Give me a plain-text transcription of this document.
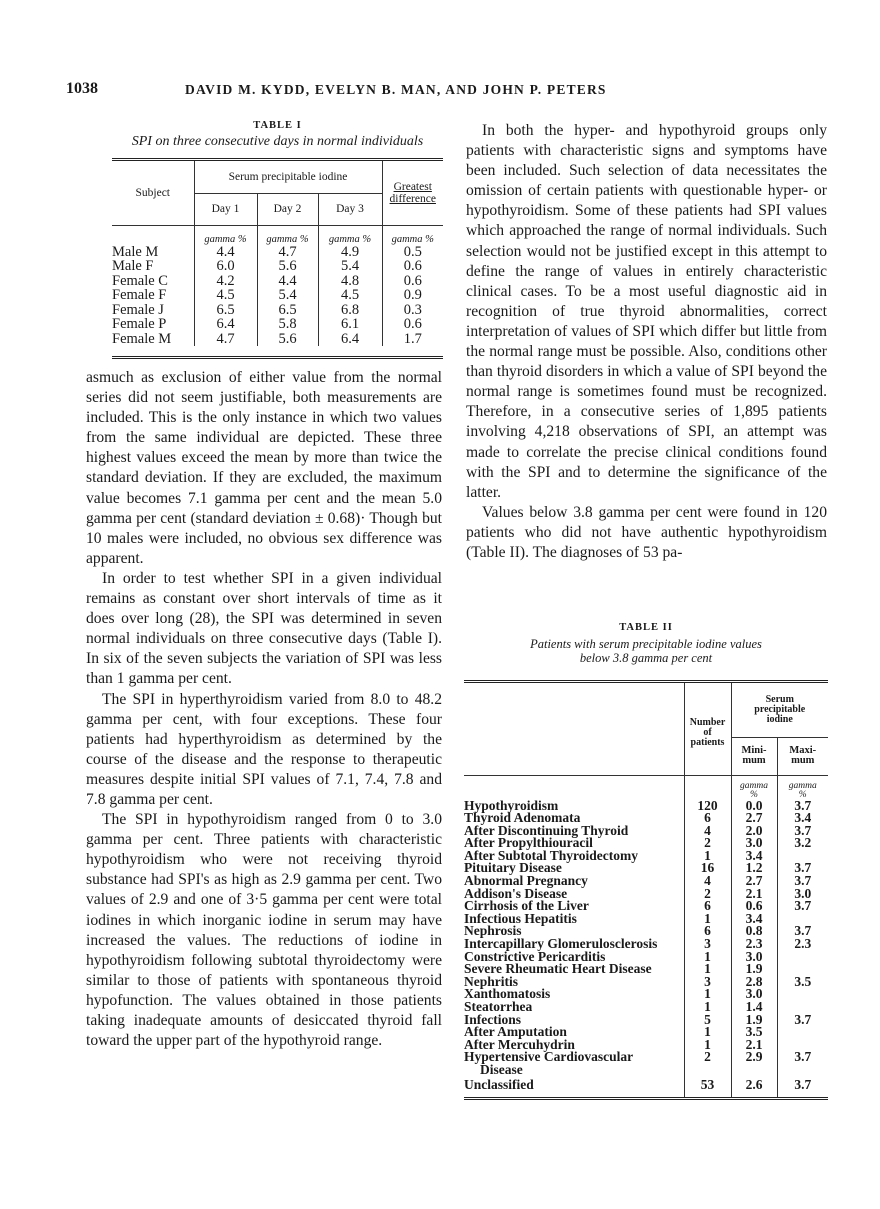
1038	DAVID M. KYDD, EVELYN B. MAN, AND JOHN P. PETERS
TABLE I
SPI on three consecutive days in normal individuals
Subject	Serum precipitable iodine			Greatest difference
	Day 1	Day 2	Day 3	
	gamma %	gamma %	gamma %	gamma %
Male M	4.4	4.7	4.9	0.5
Male F	6.0	5.6	5.4	0.6
Female C	4.2	4.4	4.8	0.6
Female F	4.5	5.4	4.5	0.9
Female J	6.5	6.5	6.8	0.3
Female P	6.4	5.8	6.1	0.6
Female M	4.7	5.6	6.4	1.7

asmuch as exclusion of either value from the normal series did not seem justifiable, both measurements are included. This is the only instance in which two values from the same individual are depicted. These three highest values exceed the mean by more than twice the standard deviation. If they are excluded, the maximum value becomes 7.1 gamma per cent and the mean 5.0 gamma per cent (standard deviation ± 0.68)· Though but 10 males were included, no obvious sex difference was apparent.

In order to test whether SPI in a given individual remains as constant over short intervals of time as it does over long (28), the SPI was determined in seven normal individuals on three consecutive days (Table I). In six of the seven subjects the variation of SPI was less than 1 gamma per cent.

The SPI in hyperthyroidism varied from 8.0 to 48.2 gamma per cent, with four exceptions. These four patients had hyperthyroidism as determined by the course of the disease and the response to therapeutic measures despite initial SPI values of 7.1, 7.4, 7.8 and 7.8 gamma per cent.

The SPI in hypothyroidism ranged from 0 to 3.0 gamma per cent. Three patients with characteristic hypothyroidism who were not receiving thyroid substance had SPI's as high as 2.9 gamma per cent. Two values of 2.9 and one of 3·5 gamma per cent were total iodines in which inorganic iodine in serum may have increased the values. The reductions of iodine in hypothyroidism following subtotal thyroidectomy were similar to those of patients with spontaneous thyroid hypofunction. The values obtained in those patients taking inadequate amounts of desiccated thyroid fall toward the upper part of the hypothyroid range.

In both the hyper- and hypothyroid groups only patients with characteristic signs and symptoms have been included. Such selection of data necessitates the omission of certain patients with questionable hyper- or hypothyroidism. Some of these patients had SPI values which approached the range of normal individuals. Such selection would not be justified except in this attempt to define the range of values in entirely characteristic clinical cases. To be a most useful diagnostic aid in recognition of true thyroid abnormalities, correct interpretation of values of SPI which differ but little from the normal range must be possible. Also, conditions other than thyroid disorders in which a value of SPI beyond the normal range is sometimes found must be recognized. Therefore, in a consecutive series of 1,895 patients involving 4,218 observations of SPI, an attempt was made to correlate the precise clinical conditions found with the SPI and to determine the significance of the latter.

Values below 3.8 gamma per cent were found in 120 patients who did not have authentic hypothyroidism (Table II). The diagnoses of 53 pa-

TABLE II
Patients with serum precipitable iodine values
below 3.8 gamma per cent
	Number of patients	Serum precipitable iodine	
		Mini- mum	Maxi- mum

gamma
%

gamma
%

Hypothyroidism	120	0.0	3.7

Thyroid Adenomata	6	2.7	3.4

After Discontinuing Thyroid	4	2.0	3.7

After Propylthiouracil	2	3.0	3.2

After Subtotal Thyroidectomy	1	3.4	

Pituitary Disease	16	1.2	3.7

Abnormal Pregnancy	4	2.7	3.7

Addison's Disease	2	2.1	3.0

Cirrhosis of the Liver	6	0.6	3.7

Infectious Hepatitis	1	3.4	

Nephrosis	6	0.8	3.7

Intercapillary Glomerulosclerosis	3	2.3	2.3

Constrictive Pericarditis	1	3.0	

Severe Rheumatic Heart Disease	1	1.9	

Nephritis	3	2.8	3.5

Xanthomatosis	1	3.0	

Steatorrhea	1	1.4	

Infections	5	1.9	3.7

After Amputation	1	3.5	

After Mercuhydrin	1	2.1	

Hypertensive Cardiovascular
Disease	2	2.9	3.7

Unclassified	53	2.6	3.7
